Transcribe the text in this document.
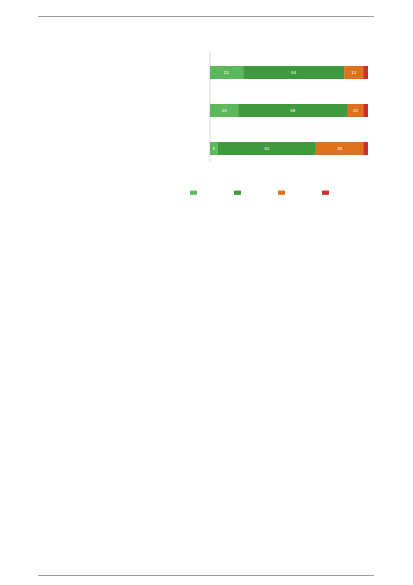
21	64	12
18	69	10
5	62	30
